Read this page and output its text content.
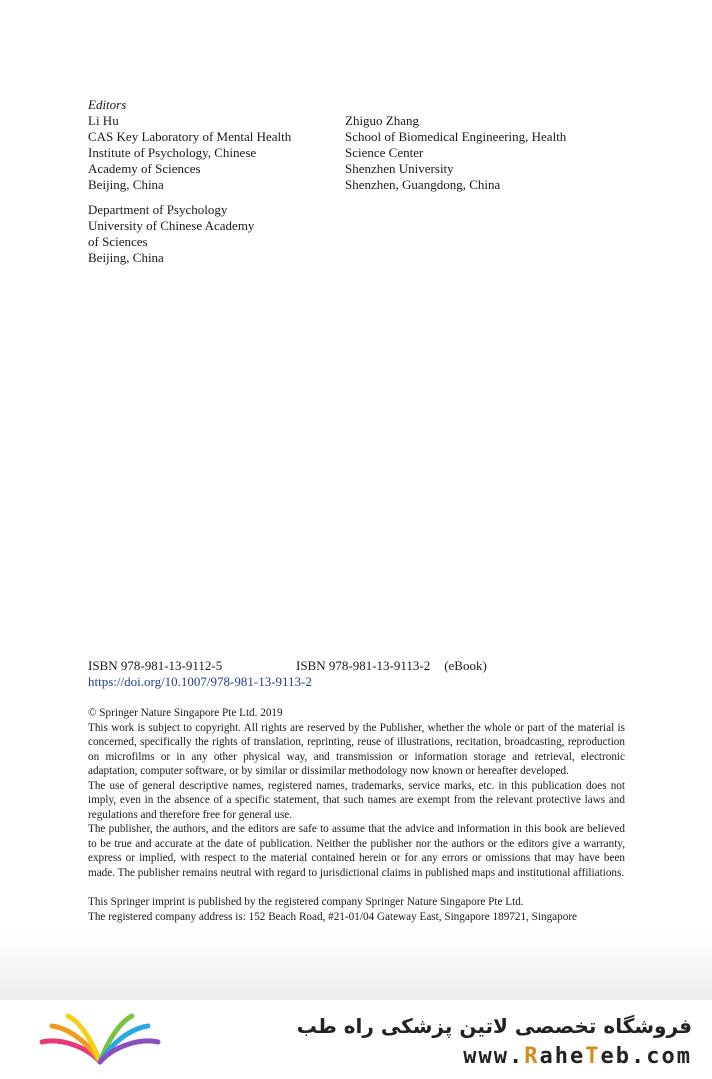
Editors
Li Hu
CAS Key Laboratory of Mental Health
Institute of Psychology, Chinese
Academy of Sciences
Beijing, China
Department of Psychology
University of Chinese Academy
of Sciences
Beijing, China
Zhiguo Zhang
School of Biomedical Engineering, Health
Science Center
Shenzhen University
Shenzhen, Guangdong, China
ISBN 978-981-13-9112-5	ISBN 978-981-13-9113-2 (eBook)
https://doi.org/10.1007/978-981-13-9113-2

© Springer Nature Singapore Pte Ltd. 2019

This work is subject to copyright. All rights are reserved by the Publisher, whether the whole or part of the material is concerned, specifically the rights of translation, reprinting, reuse of illustrations, recitation, broadcasting, reproduction on microfilms or in any other physical way, and transmission or information storage and retrieval, electronic adaptation, computer software, or by similar or dissimilar methodology now known or hereafter developed.

The use of general descriptive names, registered names, trademarks, service marks, etc. in this publication does not imply, even in the absence of a specific statement, that such names are exempt from the relevant protective laws and regulations and therefore free for general use.

The publisher, the authors, and the editors are safe to assume that the advice and information in this book are believed to be true and accurate at the date of publication. Neither the publisher nor the authors or the editors give a warranty, express or implied, with respect to the material contained herein or for any errors or omissions that may have been made. The publisher remains neutral with regard to jurisdictional claims in published maps and institutional affiliations.

This Springer imprint is published by the registered company Springer Nature Singapore Pte Ltd.

The registered company address is: 152 Beach Road, #21-01/04 Gateway East, Singapore 189721, Singapore

فروشگاه تخصصی لاتین پزشکی راه طب
www.RaheTeb.com
